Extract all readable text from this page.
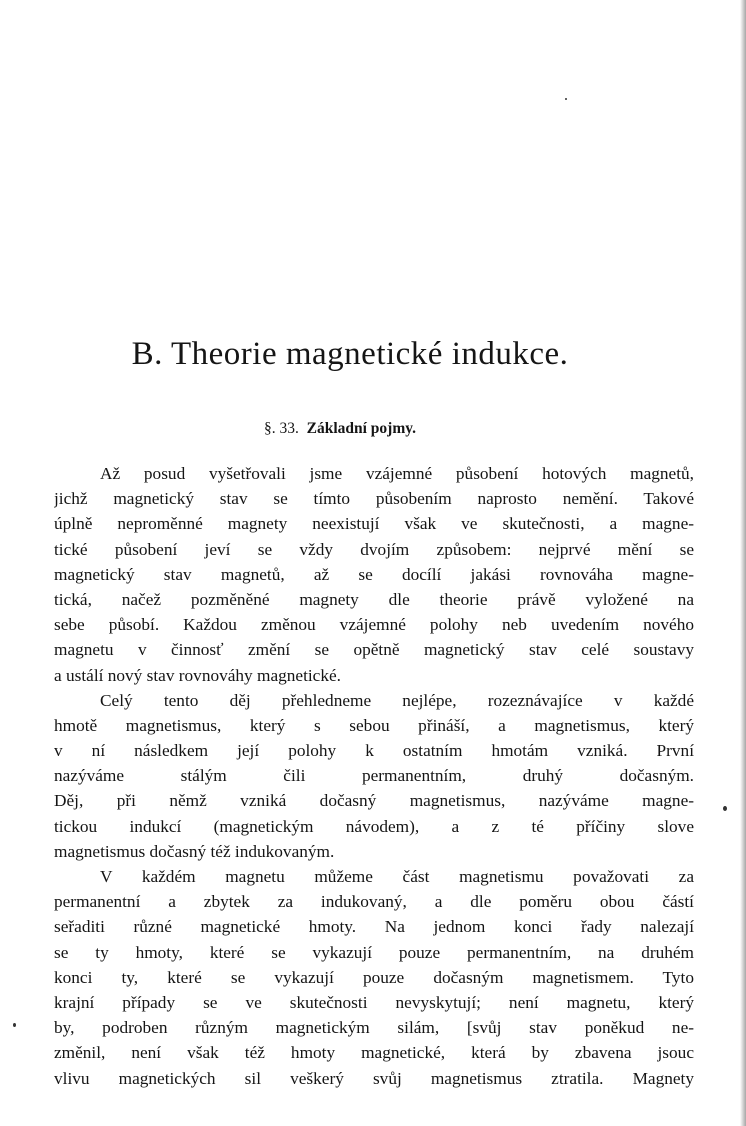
B. Theorie magnetické indukce.
§. 33. Základní pojmy.
Až posud vyšetřovali jsme vzájemné působení hotových magnetů,
jichž magnetický stav se tímto působením naprosto nemění. Takové
úplně neproměnné magnety neexistují však ve skutečnosti, a magne-
tické působení jeví se vždy dvojím způsobem: nejprvé mění se
magnetický stav magnetů, až se docílí jakási rovnováha magne-
tická, načež pozměněné magnety dle theorie právě vyložené na
sebe působí. Každou změnou vzájemné polohy neb uvedením nového
magnetu v činnosť změní se opětně magnetický stav celé soustavy
a ustálí nový stav rovnováhy magnetické.
Celý tento děj přehledneme nejlépe, rozeznávajíce v každé
hmotě magnetismus, který s sebou přináší, a magnetismus, který
v ní následkem její polohy k ostatním hmotám vzniká. První
nazýváme stálým čili permanentním, druhý dočasným.
Děj, při němž vzniká dočasný magnetismus, nazýváme magne-
tickou indukcí (magnetickým návodem), a z té příčiny slove
magnetismus dočasný též indukovaným.
V každém magnetu můžeme část magnetismu považovati za
permanentní a zbytek za indukovaný, a dle poměru obou částí
seřaditi různé magnetické hmoty. Na jednom konci řady nalezají
se ty hmoty, které se vykazují pouze permanentním, na druhém
konci ty, které se vykazují pouze dočasným magnetismem. Tyto
krajní případy se ve skutečnosti nevyskytují; není magnetu, který
by, podroben různým magnetickým silám, [svůj stav poněkud ne-
změnil, není však též hmoty magnetické, která by zbavena jsouc
vlivu magnetických sil veškerý svůj magnetismus ztratila. Magnety
